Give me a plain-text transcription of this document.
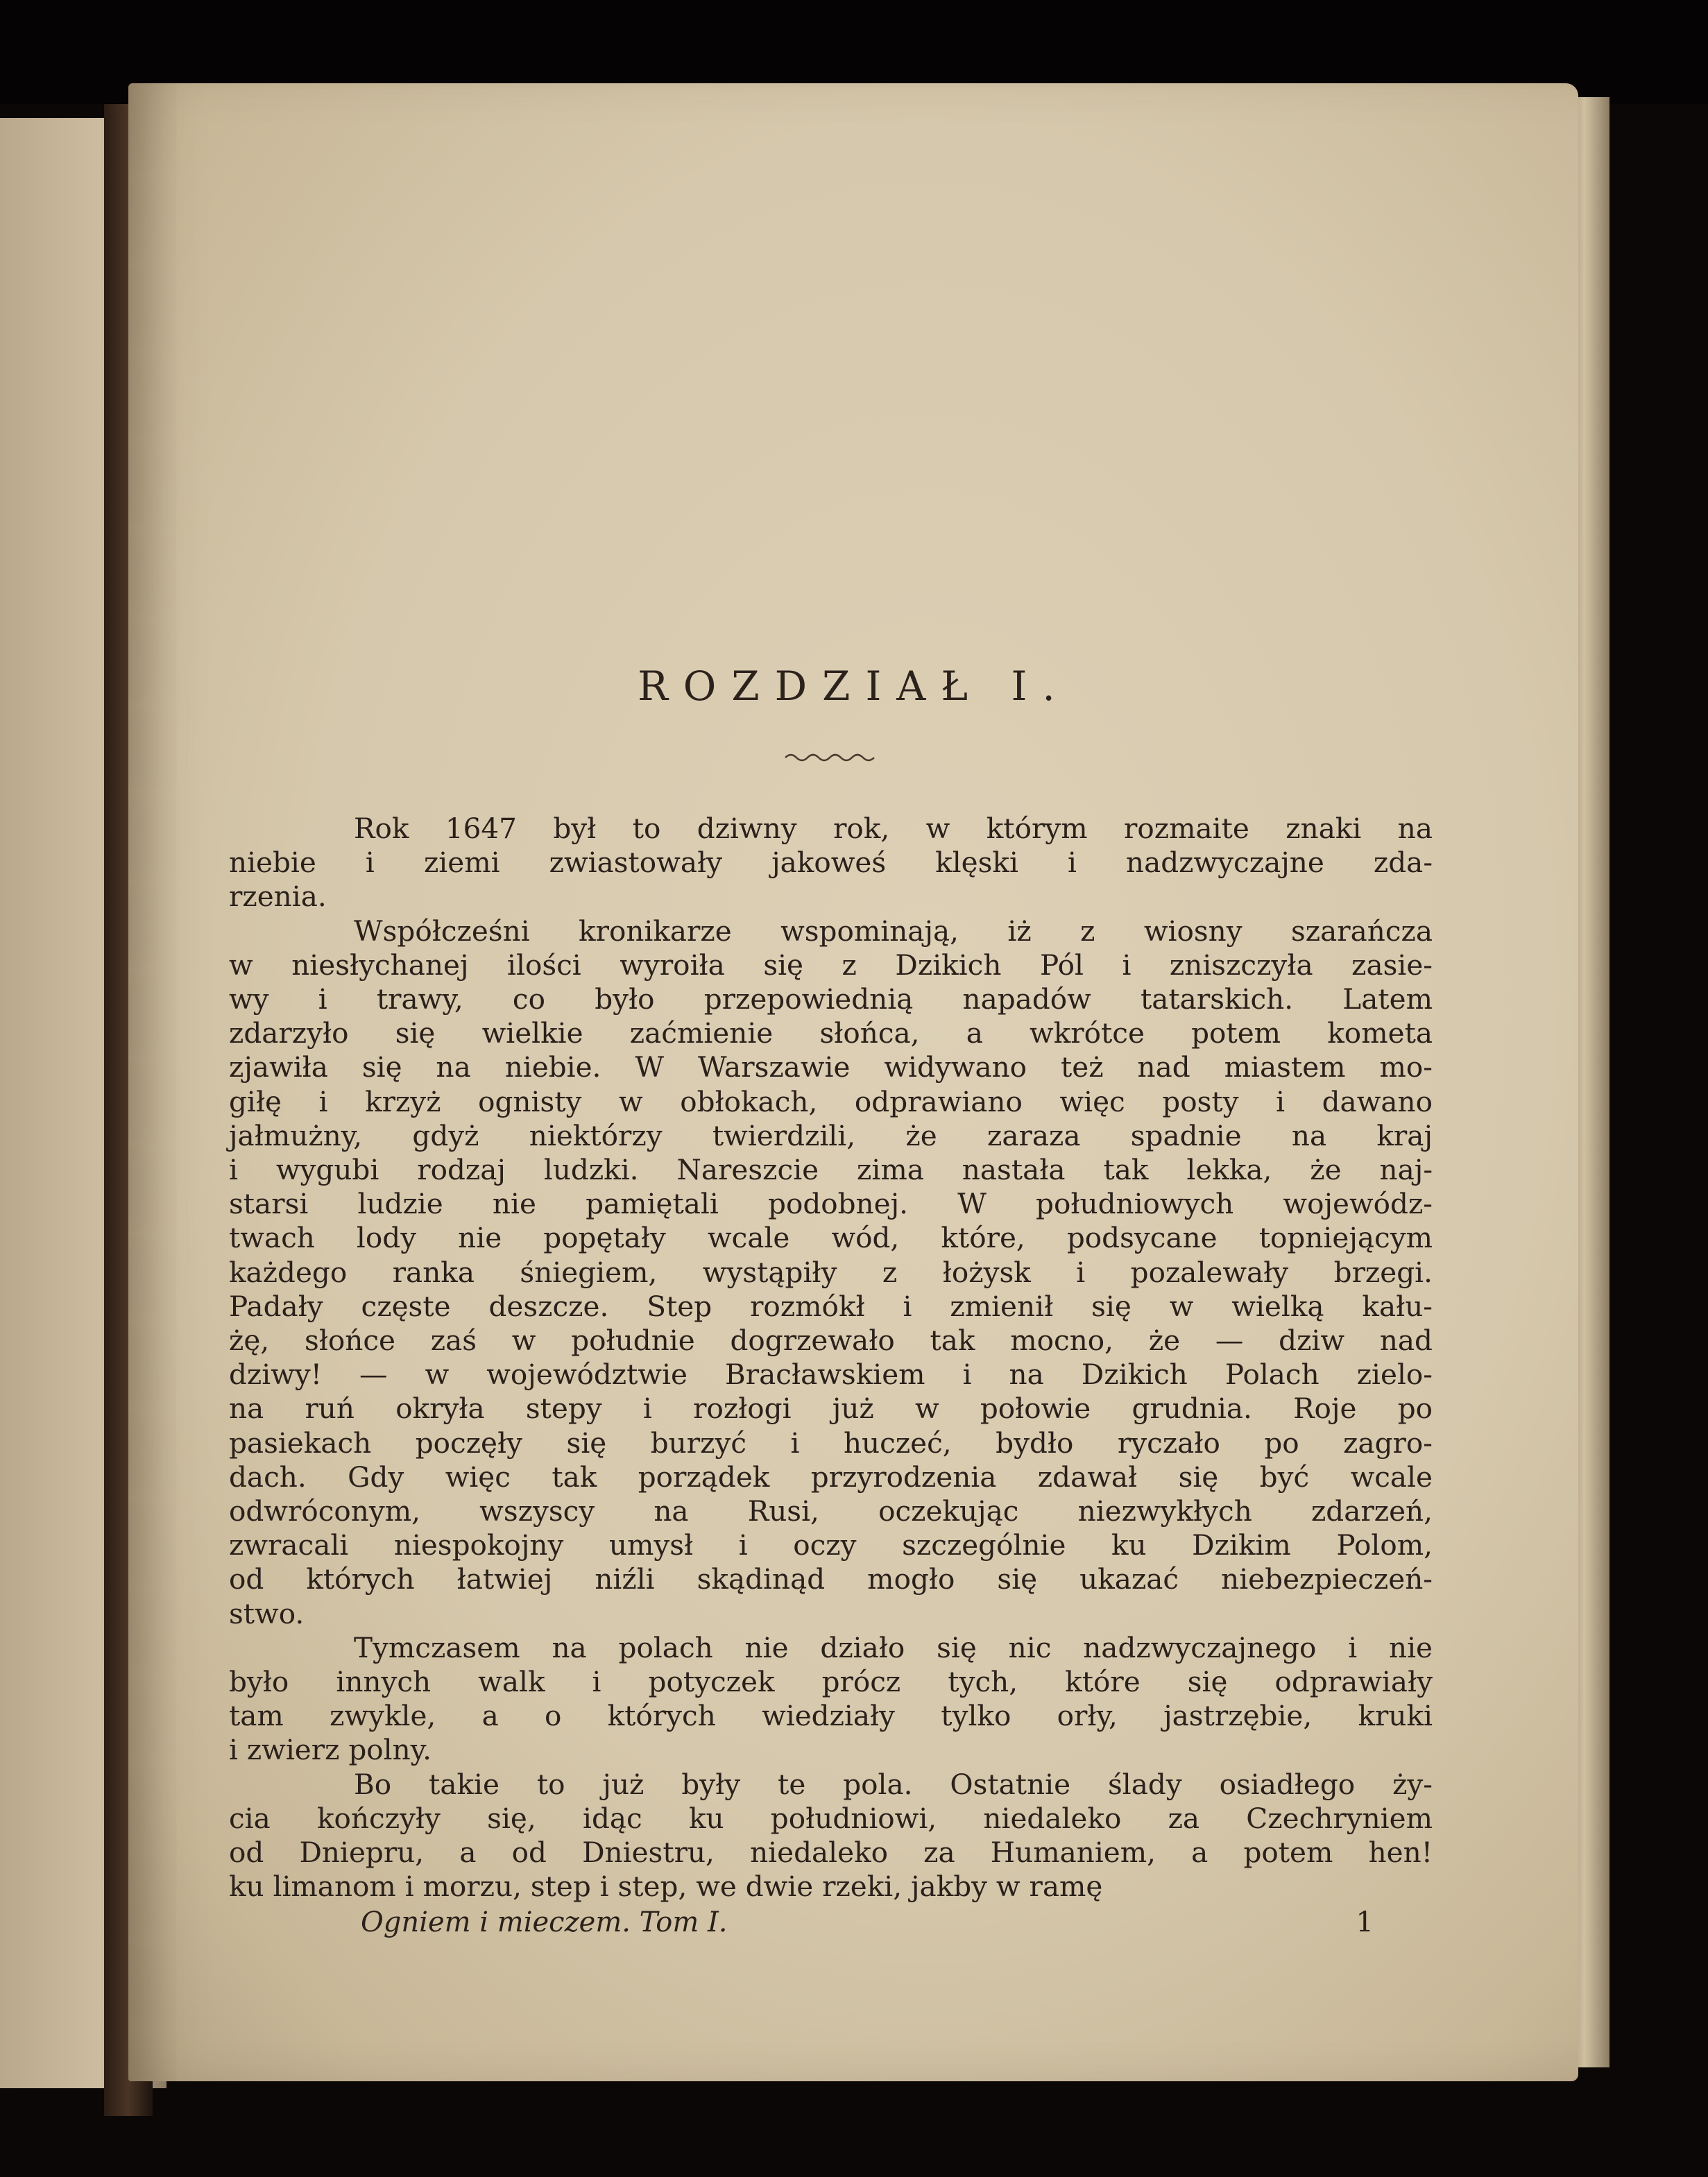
ROZDZIAŁ I.
Rok 1647 był to dziwny rok, w którym rozmaite znaki na
niebie i ziemi zwiastowały jakoweś klęski i nadzwyczajne zda-
rzenia.
Współcześni kronikarze wspominają, iż z wiosny szarańcza
w niesłychanej ilości wyroiła się z Dzikich Pól i zniszczyła zasie-
wy i trawy, co było przepowiednią napadów tatarskich. Latem
zdarzyło się wielkie zaćmienie słońca, a wkrótce potem kometa
zjawiła się na niebie. W Warszawie widywano też nad miastem mo-
giłę i krzyż ognisty w obłokach, odprawiano więc posty i dawano
jałmużny, gdyż niektórzy twierdzili, że zaraza spadnie na kraj
i wygubi rodzaj ludzki. Nareszcie zima nastała tak lekka, że naj-
starsi ludzie nie pamiętali podobnej. W południowych wojewódz-
twach lody nie popętały wcale wód, które, podsycane topniejącym
każdego ranka śniegiem, wystąpiły z łożysk i pozalewały brzegi.
Padały częste deszcze. Step rozmókł i zmienił się w wielką kału-
żę, słońce zaś w południe dogrzewało tak mocno, że — dziw nad
dziwy! — w województwie Bracławskiem i na Dzikich Polach zielo-
na ruń okryła stepy i rozłogi już w połowie grudnia. Roje po
pasiekach poczęły się burzyć i huczeć, bydło ryczało po zagro-
dach. Gdy więc tak porządek przyrodzenia zdawał się być wcale
odwróconym, wszyscy na Rusi, oczekując niezwykłych zdarzeń,
zwracali niespokojny umysł i oczy szczególnie ku Dzikim Polom,
od których łatwiej niźli skądinąd mogło się ukazać niebezpieczeń-
stwo.
Tymczasem na polach nie działo się nic nadzwyczajnego i nie
było innych walk i potyczek prócz tych, które się odprawiały
tam zwykle, a o których wiedziały tylko orły, jastrzębie, kruki
i zwierz polny.
Bo takie to już były te pola. Ostatnie ślady osiadłego ży-
cia kończyły się, idąc ku południowi, niedaleko za Czechryniem
od Dniepru, a od Dniestru, niedaleko za Humaniem, a potem hen!
ku limanom i morzu, step i step, we dwie rzeki, jakby w ramę
Ogniem i mieczem. Tom I.	1
